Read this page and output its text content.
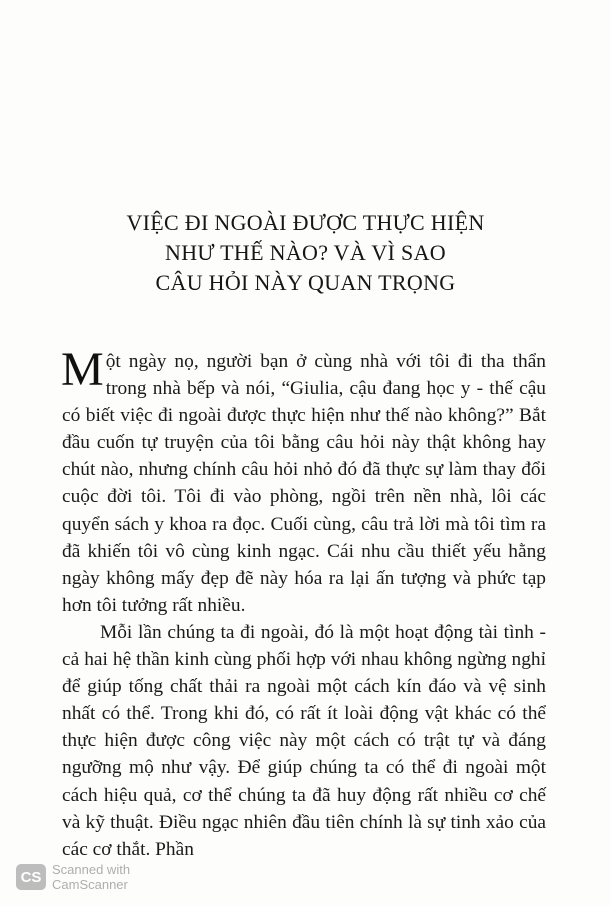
VIỆC ĐI NGOÀI ĐƯỢC THỰC HIỆN
NHƯ THẾ NÀO? VÀ VÌ SAO
CÂU HỎI NÀY QUAN TRỌNG

Một ngày nọ, người bạn ở cùng nhà với tôi đi tha thẩn trong nhà bếp và nói, “Giulia, cậu đang học y - thế cậu có biết việc đi ngoài được thực hiện như thế nào không?” Bắt đầu cuốn tự truyện của tôi bằng câu hỏi này thật không hay chút nào, nhưng chính câu hỏi nhỏ đó đã thực sự làm thay đổi cuộc đời tôi. Tôi đi vào phòng, ngồi trên nền nhà, lôi các quyển sách y khoa ra đọc. Cuối cùng, câu trả lời mà tôi tìm ra đã khiến tôi vô cùng kinh ngạc. Cái nhu cầu thiết yếu hằng ngày không mấy đẹp đẽ này hóa ra lại ấn tượng và phức tạp hơn tôi tưởng rất nhiều.

Mỗi lần chúng ta đi ngoài, đó là một hoạt động tài tình - cả hai hệ thần kinh cùng phối hợp với nhau không ngừng nghỉ để giúp tống chất thải ra ngoài một cách kín đáo và vệ sinh nhất có thể. Trong khi đó, có rất ít loài động vật khác có thể thực hiện được công việc này một cách có trật tự và đáng ngưỡng mộ như vậy. Để giúp chúng ta có thể đi ngoài một cách hiệu quả, cơ thể chúng ta đã huy động rất nhiều cơ chế và kỹ thuật. Điều ngạc nhiên đầu tiên chính là sự tinh xảo của các cơ thắt. Phần

CS Scanned with
CamScanner
